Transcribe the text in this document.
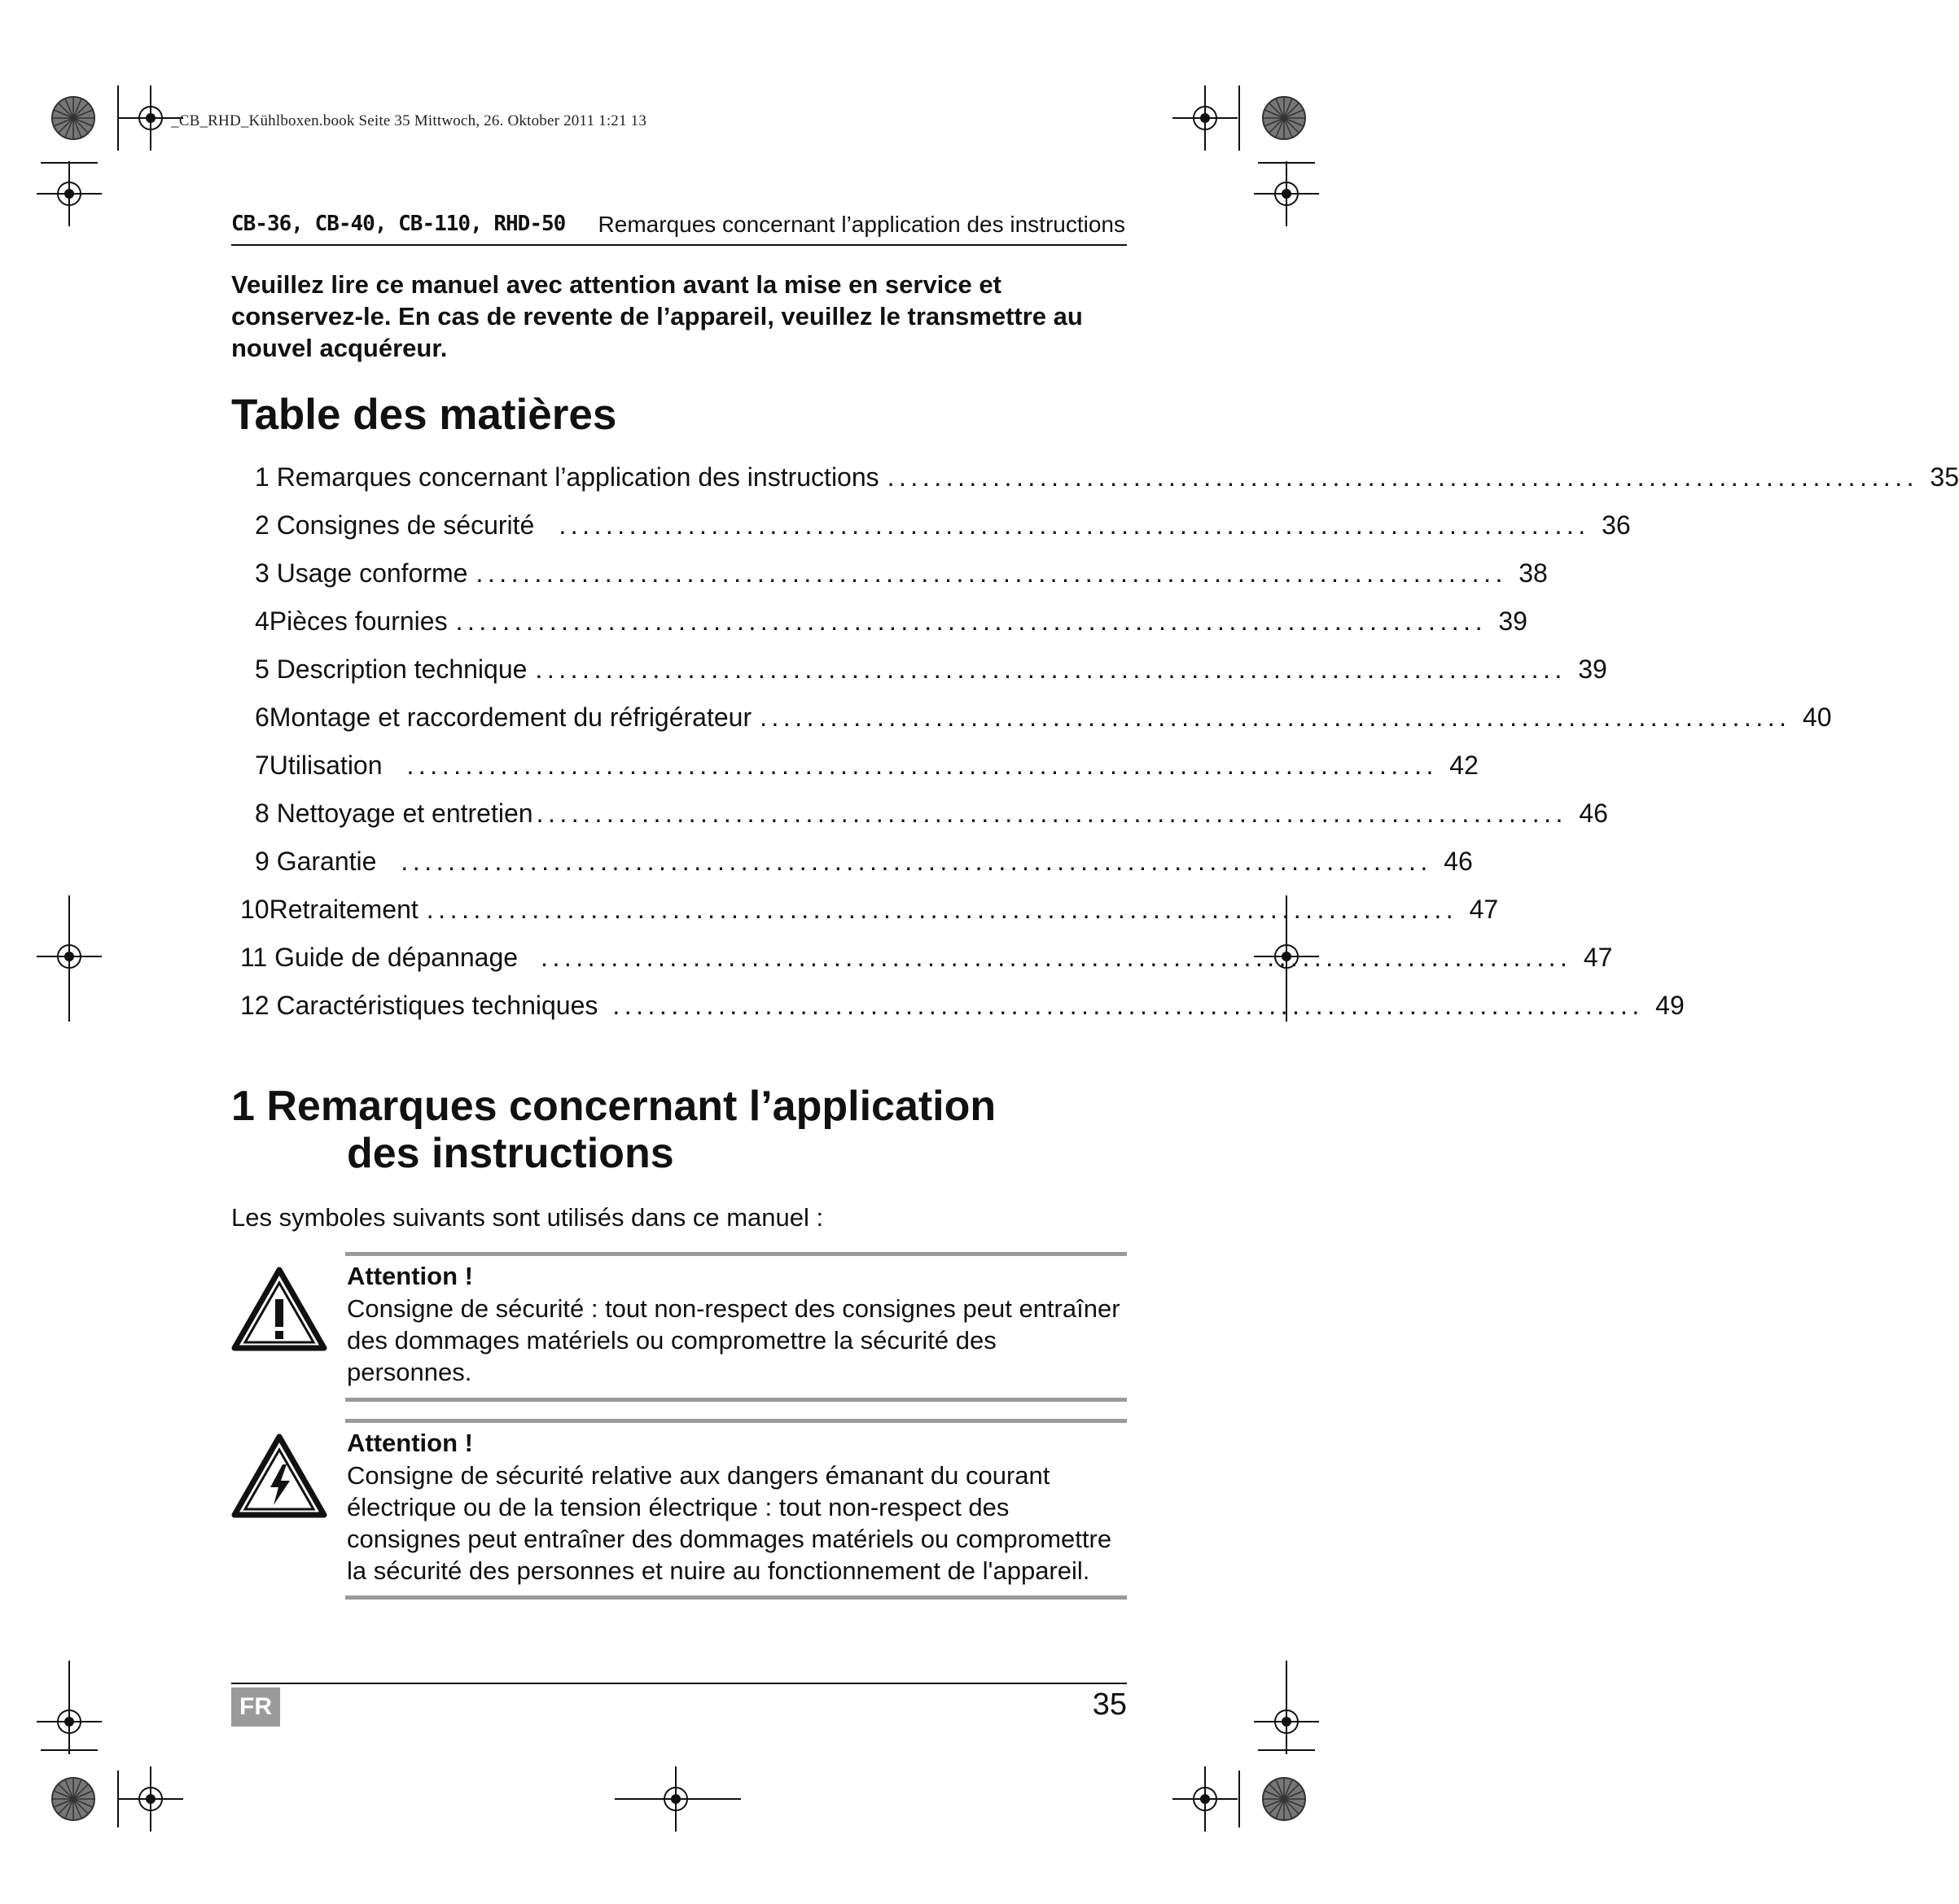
_CB_RHD_Kühlboxen.book Seite 35 Mittwoch, 26. Oktober 2011 1:21 13
CB-36, CB-40, CB-110, RHD-50 Remarques concernant l’application des instructions
Veuillez lire ce manuel avec attention avant la mise en service et conservez-le. En cas de revente de l’appareil, veuillez le transmettre au nouvel acquéreur.
Table des matières
1
Remarques concernant l’application des instructions ........................................................................................ 35
2
Consignes de sécurité ........................................................................................ 36
3
Usage conforme ........................................................................................ 38
4 Pièces fournies ........................................................................................ 39
5
Description technique ........................................................................................ 39
6 Montage et raccordement du réfrigérateur ........................................................................................ 40
7 Utilisation ........................................................................................ 42
8
Nettoyage et entretien ........................................................................................ 46
9
Garantie ........................................................................................ 46
10 Retraitement ........................................................................................ 47
11
Guide de dépannage ........................................................................................ 47
12
Caractéristiques techniques ........................................................................................ 49
1 Remarques concernant l’application
des instructions
Les symboles suivants sont utilisés dans ce manuel :
Attention !
Consigne de sécurité : tout non-respect des consignes peut entraîner des dommages matériels ou compromettre la sécurité des personnes.
Attention !
Consigne de sécurité relative aux dangers émanant du courant électrique ou de la tension électrique : tout non-respect des consignes peut entraîner des dommages matériels ou compromettre la sécurité des personnes et nuire au fonctionnement de l'appareil.
FR	35
